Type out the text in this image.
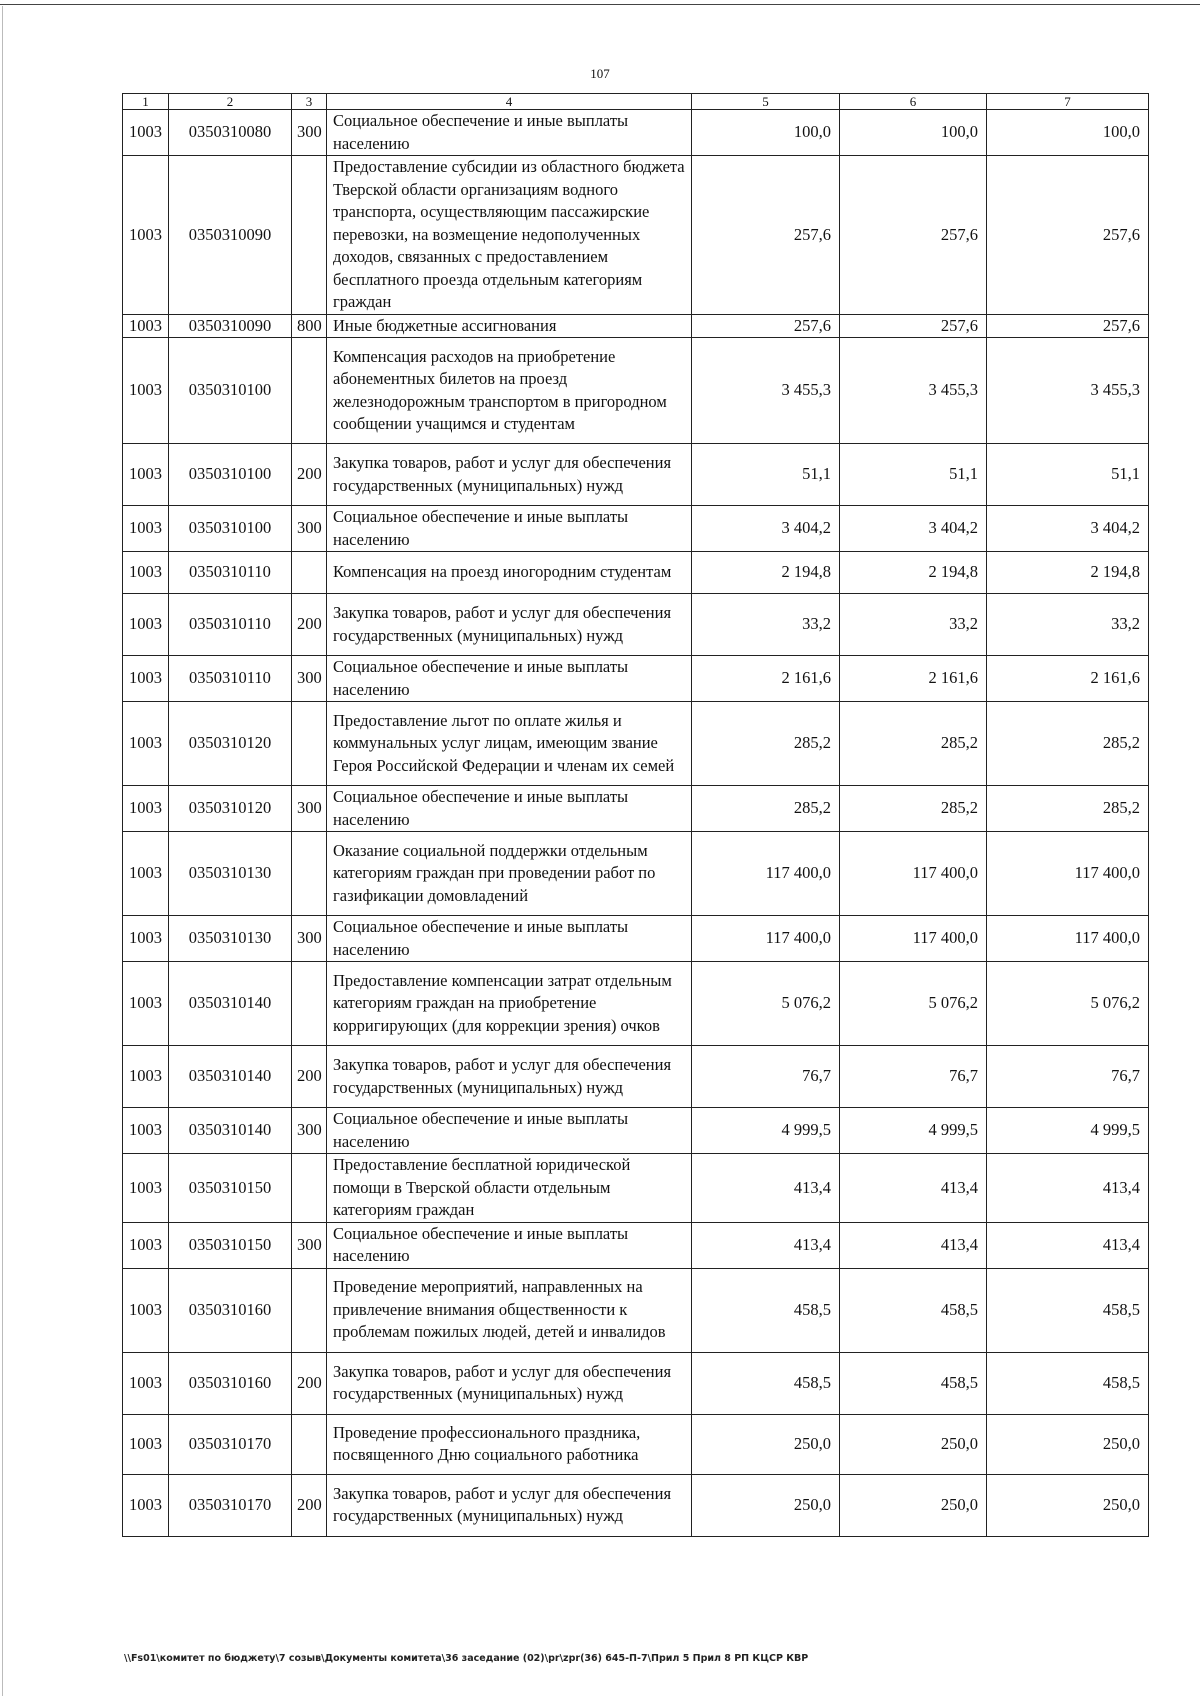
107
1	2	3	4	5	6	7
1003	0350310080	300	Социальное обеспечение и иные выплаты населению	100,0	100,0	100,0
1003	0350310090		Предоставление субсидии из областного бюджета Тверской области организациям водного транспорта, осуществляющим пассажирские перевозки, на возмещение недополученных доходов, связанных с предоставлением бесплатного проезда отдельным категориям граждан	257,6	257,6	257,6
1003	0350310090	800	Иные бюджетные ассигнования	257,6	257,6	257,6
1003	0350310100		Компенсация расходов на приобретение абонементных билетов на проезд железнодорожным транспортом в пригородном сообщении учащимся и студентам	3 455,3	3 455,3	3 455,3
1003	0350310100	200	Закупка товаров, работ и услуг для обеспечения государственных (муниципальных) нужд	51,1	51,1	51,1
1003	0350310100	300	Социальное обеспечение и иные выплаты населению	3 404,2	3 404,2	3 404,2
1003	0350310110		Компенсация на проезд иногородним студентам	2 194,8	2 194,8	2 194,8
1003	0350310110	200	Закупка товаров, работ и услуг для обеспечения государственных (муниципальных) нужд	33,2	33,2	33,2
1003	0350310110	300	Социальное обеспечение и иные выплаты населению	2 161,6	2 161,6	2 161,6
1003	0350310120		Предоставление льгот по оплате жилья и коммунальных услуг лицам, имеющим звание Героя Российской Федерации и членам их семей	285,2	285,2	285,2
1003	0350310120	300	Социальное обеспечение и иные выплаты населению	285,2	285,2	285,2
1003	0350310130		Оказание социальной поддержки отдельным категориям граждан при проведении работ по газификации домовладений	117 400,0	117 400,0	117 400,0
1003	0350310130	300	Социальное обеспечение и иные выплаты населению	117 400,0	117 400,0	117 400,0
1003	0350310140		Предоставление компенсации затрат отдельным категориям граждан на приобретение корригирующих (для коррекции зрения) очков	5 076,2	5 076,2	5 076,2
1003	0350310140	200	Закупка товаров, работ и услуг для обеспечения государственных (муниципальных) нужд	76,7	76,7	76,7
1003	0350310140	300	Социальное обеспечение и иные выплаты населению	4 999,5	4 999,5	4 999,5
1003	0350310150		Предоставление бесплатной юридической помощи в Тверской области отдельным категориям граждан	413,4	413,4	413,4
1003	0350310150	300	Социальное обеспечение и иные выплаты населению	413,4	413,4	413,4
1003	0350310160		Проведение мероприятий, направленных на привлечение внимания общественности к проблемам пожилых людей, детей и инвалидов	458,5	458,5	458,5
1003	0350310160	200	Закупка товаров, работ и услуг для обеспечения государственных (муниципальных) нужд	458,5	458,5	458,5
1003	0350310170		Проведение профессионального праздника, посвященного Дню социального работника	250,0	250,0	250,0
1003	0350310170	200	Закупка товаров, работ и услуг для обеспечения государственных (муниципальных) нужд	250,0	250,0	250,0
\\Fs01\комитет по бюджету\7 созыв\Документы комитета\36 заседание (02)\pr\zpr(36) 645-П-7\Прил 5 Прил 8 РП КЦСР КВР
